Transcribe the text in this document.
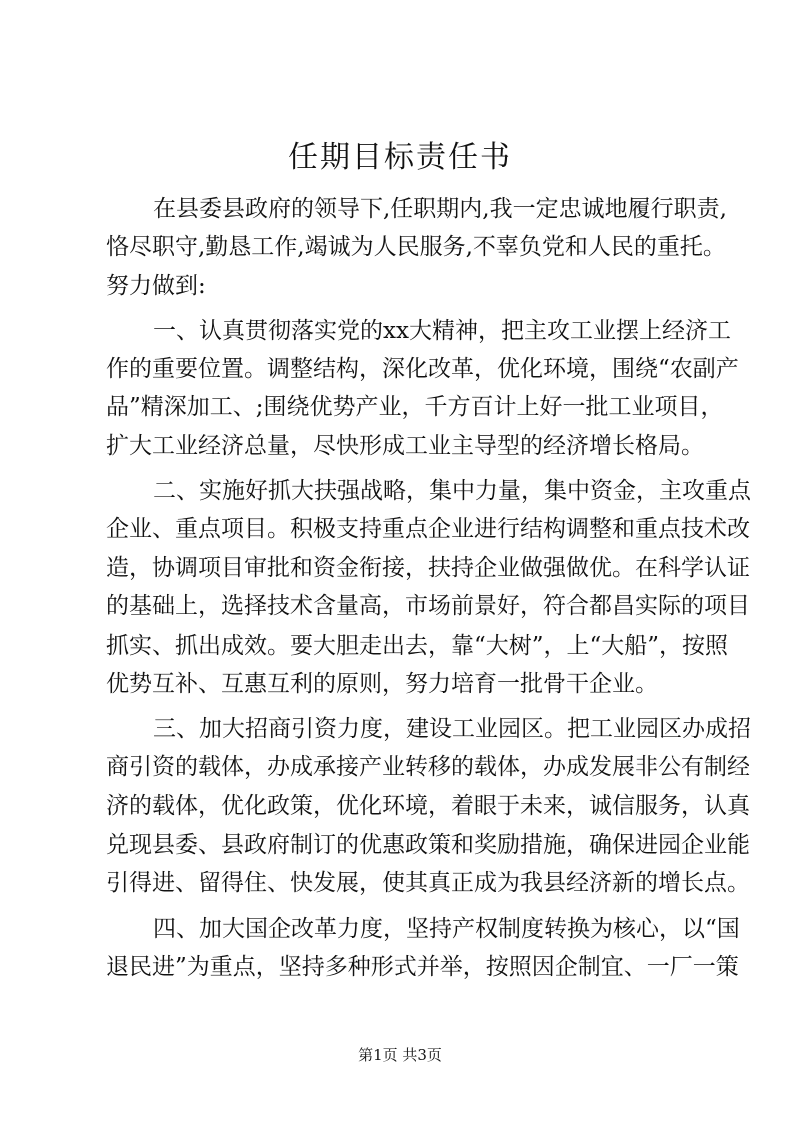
任期目标责任书

在县委县政府的领导下,任职期内,我一定忠诚地履行职责,

恪尽职守,勤恳工作,竭诚为人民服务,不辜负党和人民的重托。

努力做到:

一、认真贯彻落实党的xx大精神，把主攻工业摆上经济工

作的重要位置。调整结构，深化改革，优化环境，围绕“农副产

品”精深加工、;围绕优势产业，千方百计上好一批工业项目，

扩大工业经济总量，尽快形成工业主导型的经济增长格局。

二、实施好抓大扶强战略，集中力量，集中资金，主攻重点

企业、重点项目。积极支持重点企业进行结构调整和重点技术改

造，协调项目审批和资金衔接，扶持企业做强做优。在科学认证

的基础上，选择技术含量高，市场前景好，符合都昌实际的项目

抓实、抓出成效。要大胆走出去，靠“大树”，上“大船”，按照

优势互补、互惠互利的原则，努力培育一批骨干企业。

三、加大招商引资力度，建设工业园区。把工业园区办成招

商引资的载体，办成承接产业转移的载体，办成发展非公有制经

济的载体，优化政策，优化环境，着眼于未来，诚信服务，认真

兑现县委、县政府制订的优惠政策和奖励措施，确保进园企业能

引得进、留得住、快发展，使其真正成为我县经济新的增长点。

四、加大国企改革力度，坚持产权制度转换为核心，以“国

退民进”为重点，坚持多种形式并举，按照因企制宜、一厂一策

第1页 共3页
